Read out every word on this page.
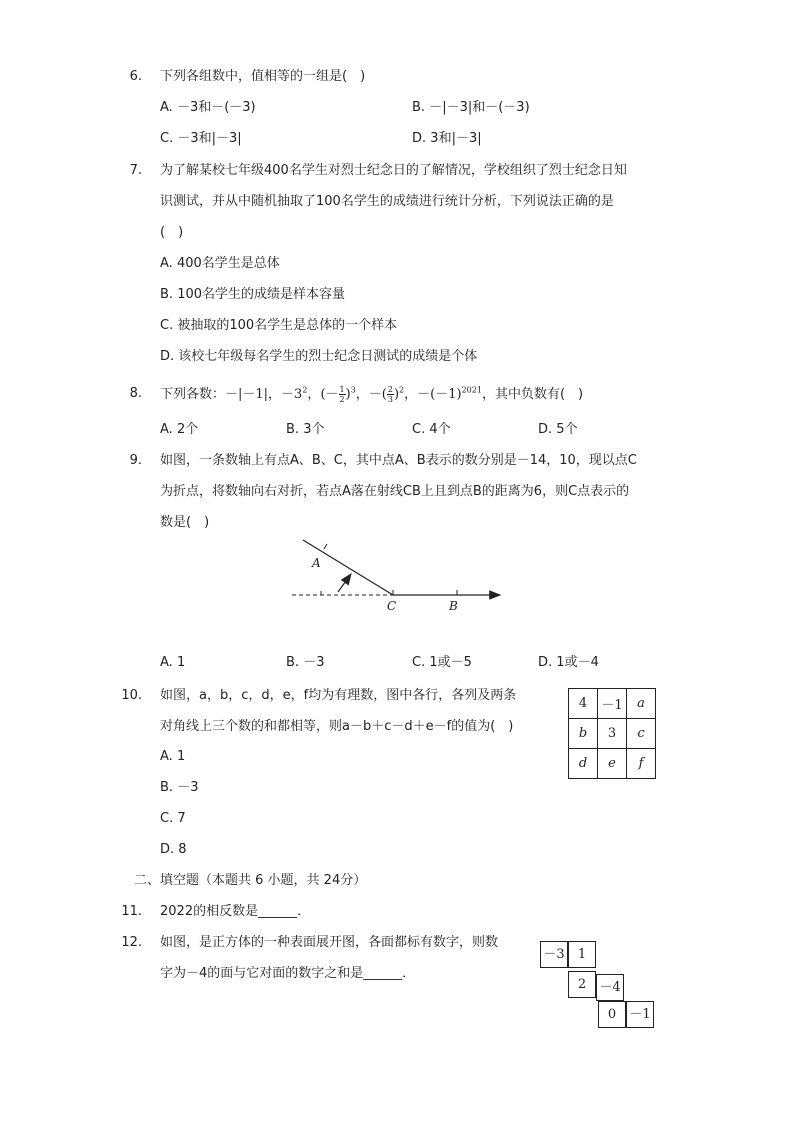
6. 下列各组数中，值相等的一组是(　)
A. －3和－(－3)	B. －|－3|和－(－3)
C. －3和|－3|	D. 3和|－3|
7. 为了解某校七年级400名学生对烈士纪念日的了解情况，学校组织了烈士纪念日知
识测试，并从中随机抽取了100名学生的成绩进行统计分析，下列说法正确的是
(　)
A. 400名学生是总体
B. 100名学生的成绩是样本容量
C. 被抽取的100名学生是总体的一个样本
D. 该校七年级每名学生的烈士纪念日测试的成绩是个体
8. 下列各数：－|－1|，$-3^2$，(－ $\frac{1}{2} )^3$，－( $\frac{2}{3} )^2$，$-(-1)^{2021}$，其中负数有(　)
A. 2个	B. 3个	C. 4个	D. 5个
9. 如图，一条数轴上有点A、B、C，其中点A、B表示的数分别是－14，10，现以点C
为折点，将数轴向右对折，若点A落在射线CB上且到点B的距离为6，则C点表示的
数是(　)
A
C	B
A. 1	B. －3	C. 1或－5	D. 1或－4
10. 如图，a，b，c，d，e，f均为有理数，图中各行，各列及两条
对角线上三个数的和都相等，则a－b＋c－d＋e－f的值为(　)
4	－1	a
b	3	c
d	e	f
A. 1
B. －3
C. 7
D. 8
二、填空题（本题共 6 小题，共 24分）
11. 2022的相反数是______．
12. 如图，是正方体的一种表面展开图，各面都标有数字，则数
字为－4的面与它对面的数字之和是______．
－3	1
2	－4
0	－1
